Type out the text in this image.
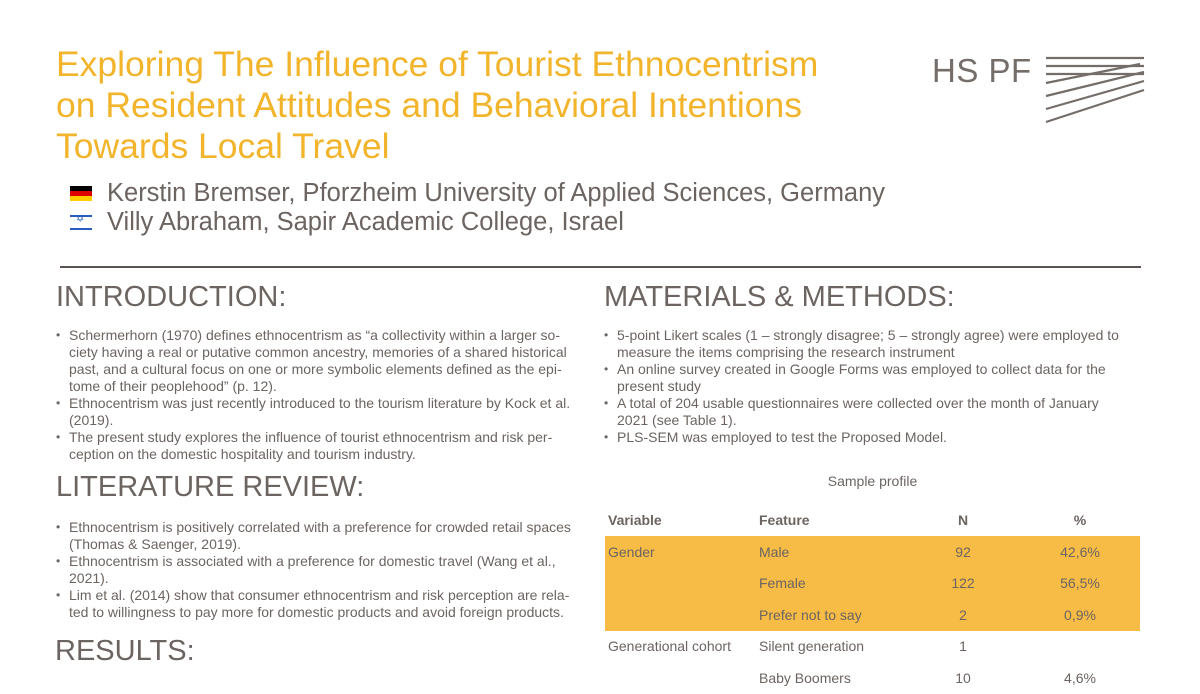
Exploring The Influence of Tourist Ethnocentrism
on Resident Attitudes and Behavioral Intentions
Towards Local Travel
HS PF
Kerstin Bremser, Pforzheim University of Applied Sciences, Germany
✡
Villy Abraham, Sapir Academic College, Israel
INTRODUCTION:
• Schermerhorn (1970) defines ethnocentrism as “a collectivity within a larger so-
ciety having a real or putative common ancestry, memories of a shared historical
past, and a cultural focus on one or more symbolic elements defined as the epi-
tome of their peoplehood” (p. 12).
• Ethnocentrism was just recently introduced to the tourism literature by Kock et al.
(2019).
• The present study explores the influence of tourist ethnocentrism and risk per-
ception on the domestic hospitality and tourism industry.
LITERATURE REVIEW:
• Ethnocentrism is positively correlated with a preference for crowded retail spaces
(Thomas & Saenger, 2019).
• Ethnocentrism is associated with a preference for domestic travel (Wang et al.,
2021).
• Lim et al. (2014) show that consumer ethnocentrism and risk perception are rela-
ted to willingness to pay more for domestic products and avoid foreign products.
RESULTS:
MATERIALS & METHODS:
• 5-point Likert scales (1 – strongly disagree; 5 – strongly agree) were employed to
measure the items comprising the research instrument
• An online survey created in Google Forms was employed to collect data for the
present study
• A total of 204 usable questionnaires were collected over the month of January
2021 (see Table 1).
• PLS-SEM was employed to test the Proposed Model.
Sample profile
Variable	Feature	N	%
Gender	Male	92	42,6%
	Female	122	56,5%
	Prefer not to say	2	0,9%
Generational cohort	Silent generation	1	
	Baby Boomers	10	4,6%
